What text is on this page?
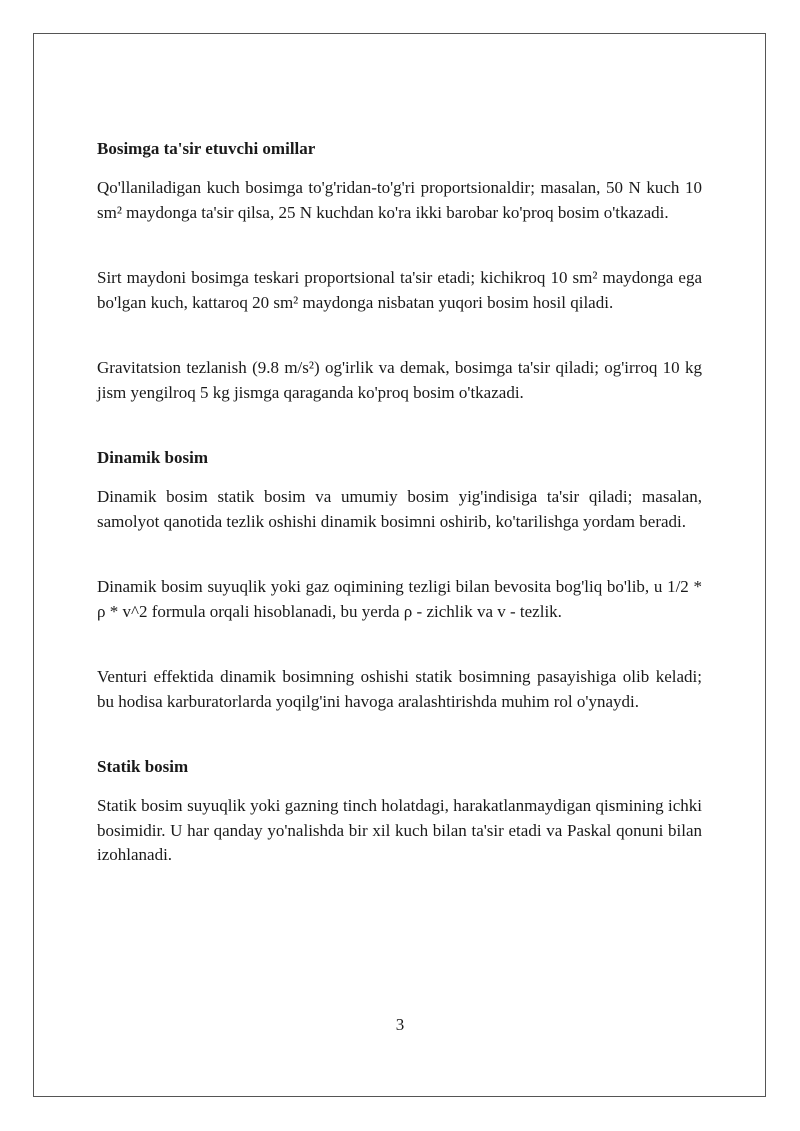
Bosimga ta'sir etuvchi omillar

Qo'llaniladigan kuch bosimga to'g'ridan-to'g'ri proportsionaldir; masalan, 50 N kuch 10 sm² maydonga ta'sir qilsa, 25 N kuchdan ko'ra ikki barobar ko'proq bosim o'tkazadi.

Sirt maydoni bosimga teskari proportsional ta'sir etadi; kichikroq 10 sm² maydonga ega bo'lgan kuch, kattaroq 20 sm² maydonga nisbatan yuqori bosim hosil qiladi.

Gravitatsion tezlanish (9.8 m/s²) og'irlik va demak, bosimga ta'sir qiladi; og'irroq 10 kg jism yengilroq 5 kg jismga qaraganda ko'proq bosim o'tkazadi.

Dinamik bosim

Dinamik bosim statik bosim va umumiy bosim yig'indisiga ta'sir qiladi; masalan, samolyot qanotida tezlik oshishi dinamik bosimni oshirib, ko'tarilishga yordam beradi.

Dinamik bosim suyuqlik yoki gaz oqimining tezligi bilan bevosita bog'liq bo'lib, u 1/2 * ρ * v^2 formula orqali hisoblanadi, bu yerda ρ - zichlik va v - tezlik.

Venturi effektida dinamik bosimning oshishi statik bosimning pasayishiga olib keladi; bu hodisa karburatorlarda yoqilg'ini havoga aralashtirishda muhim rol o'ynaydi.

Statik bosim

Statik bosim suyuqlik yoki gazning tinch holatdagi, harakatlanmaydigan qismining ichki bosimidir. U har qanday yo'nalishda bir xil kuch bilan ta'sir etadi va Paskal qonuni bilan izohlanadi.

3
